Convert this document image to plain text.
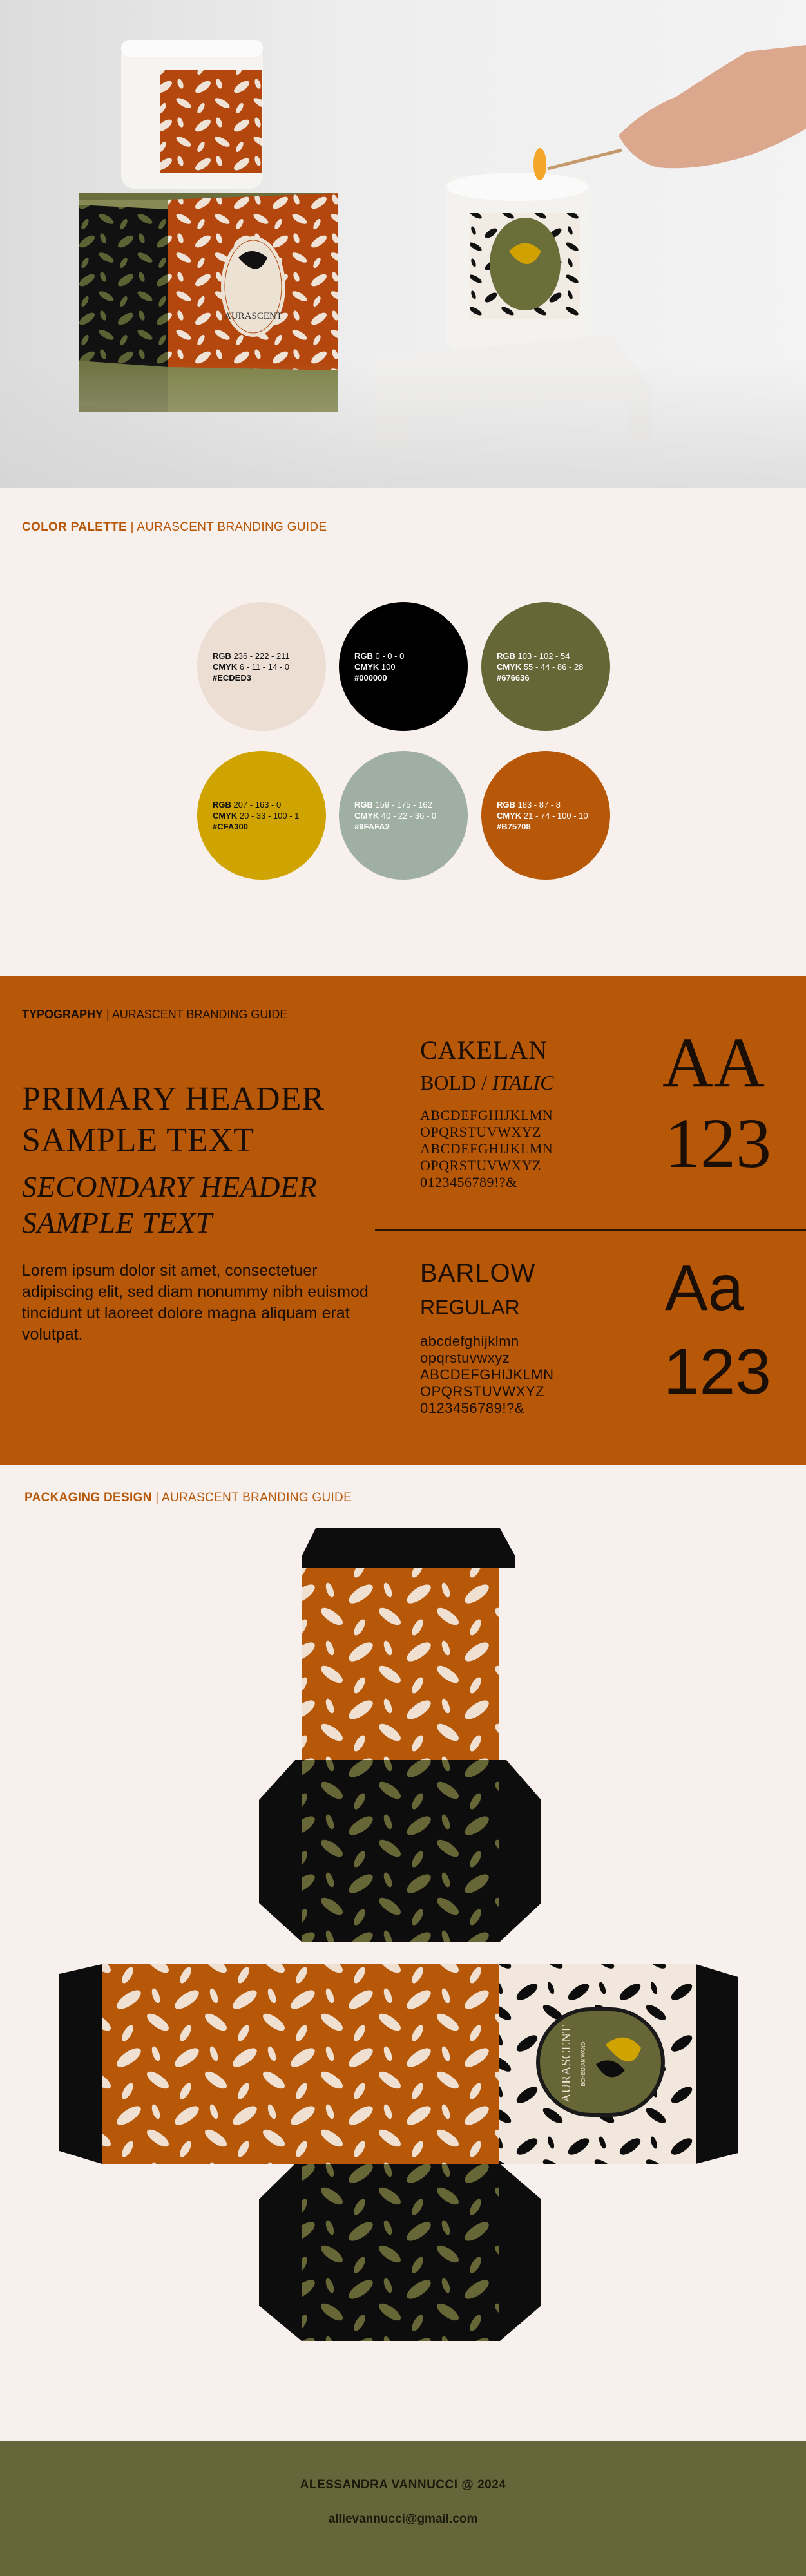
AURASCENT
COLOR PALETTE | AURASCENT BRANDING GUIDE
RGB 236 - 222 - 211
CMYK 6 - 11 - 14 - 0
#ECDED3
RGB 0 - 0 - 0
CMYK 100
#000000
RGB 103 - 102 - 54
CMYK 55 - 44 - 86 - 28
#676636
RGB 207 - 163 - 0
CMYK 20 - 33 - 100 - 1
#CFA300
RGB 159 - 175 - 162
CMYK 40 - 22 - 36 - 0
#9FAFA2
RGB 183 - 87 - 8
CMYK 21 - 74 - 100 - 10
#B75708
TYPOGRAPHY | AURASCENT BRANDING GUIDE
PRIMARY HEADER SAMPLE TEXT
SECONDARY HEADER SAMPLE TEXT
Lorem ipsum dolor sit amet, consectetuer adipiscing elit, sed diam nonummy nibh euismod tincidunt ut laoreet dolore magna aliquam erat volutpat.
CAKELAN
BOLD / ITALIC
ABCDEFGHIJKLMN
OPQRSTUVWXYZ
ABCDEFGHIJKLMN
OPQRSTUVWXYZ
0123456789!?&
AA
123
BARLOW
REGULAR
abcdefghijklmn
opqrstuvwxyz
ABCDEFGHIJKLMN
OPQRSTUVWXYZ
0123456789!?&
Aa
123
PACKAGING DESIGN | AURASCENT BRANDING GUIDE
AURASCENT BOHEMIAN WAND
ALESSANDRA VANNUCCI @ 2024
allievannucci@gmail.com
